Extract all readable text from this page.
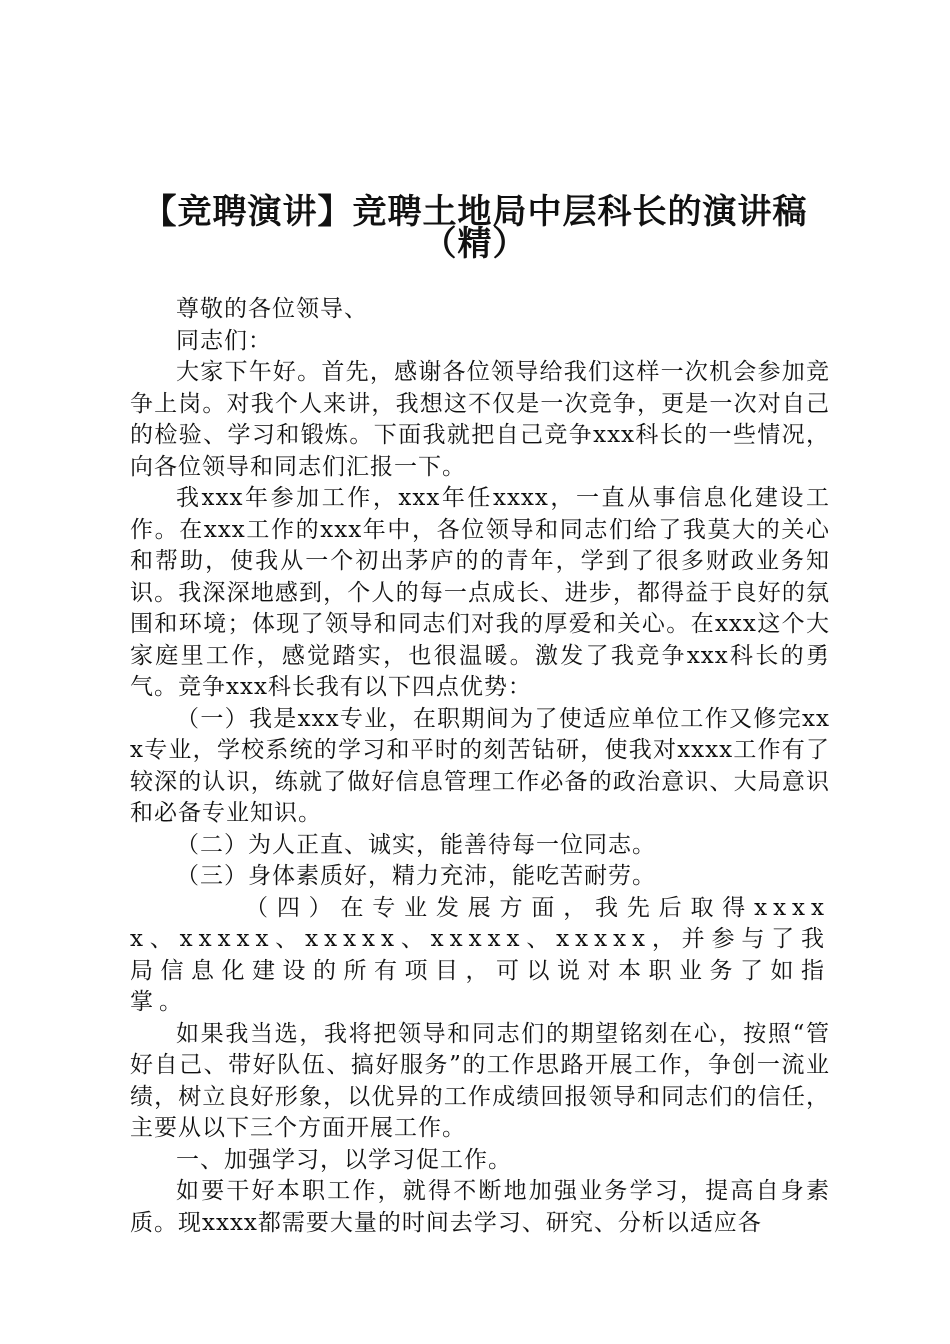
【竞聘演讲】竞聘土地局中层科长的演讲稿
（精）

尊敬的各位领导、

同志们：

大家下午好。首先，感谢各位领导给我们这样一次机会参加竞争上岗。对我个人来讲，我想这不仅是一次竞争，更是一次对自己的检验、学习和锻炼。下面我就把自己竞争xxx科长的一些情况，向各位领导和同志们汇报一下。

我xxx年参加工作，xxx年任xxxx，一直从事信息化建设工作。在xxx工作的xxx年中，各位领导和同志们给了我莫大的关心和帮助，使我从一个初出茅庐的的青年，学到了很多财政业务知识。我深深地感到，个人的每一点成长、进步，都得益于良好的氛围和环境；体现了领导和同志们对我的厚爱和关心。在xxx这个大家庭里工作，感觉踏实，也很温暖。激发了我竞争xxx科长的勇气。竞争xxx科长我有以下四点优势：

（一）我是xxx专业，在职期间为了使适应单位工作又修完xxx专业，学校系统的学习和平时的刻苦钻研，使我对xxxx工作有了较深的认识，练就了做好信息管理工作必备的政治意识、大局意识和必备专业知识。

（二）为人正直、诚实，能善待每一位同志。

（三）身体素质好，精力充沛，能吃苦耐劳。

（四）在专业发展方面，我先后取得xxxxx、xxxxx、xxxxx、xxxxx、xxxxx，并参与了我局信息化建设的所有项目，可以说对本职业务了如指掌。

如果我当选，我将把领导和同志们的期望铭刻在心，按照“管好自己、带好队伍、搞好服务”的工作思路开展工作，争创一流业绩，树立良好形象，以优异的工作成绩回报领导和同志们的信任，主要从以下三个方面开展工作。

一、加强学习，以学习促工作。

如要干好本职工作，就得不断地加强业务学习，提高自身素质。现xxxx都需要大量的时间去学习、研究、分析以适应各
